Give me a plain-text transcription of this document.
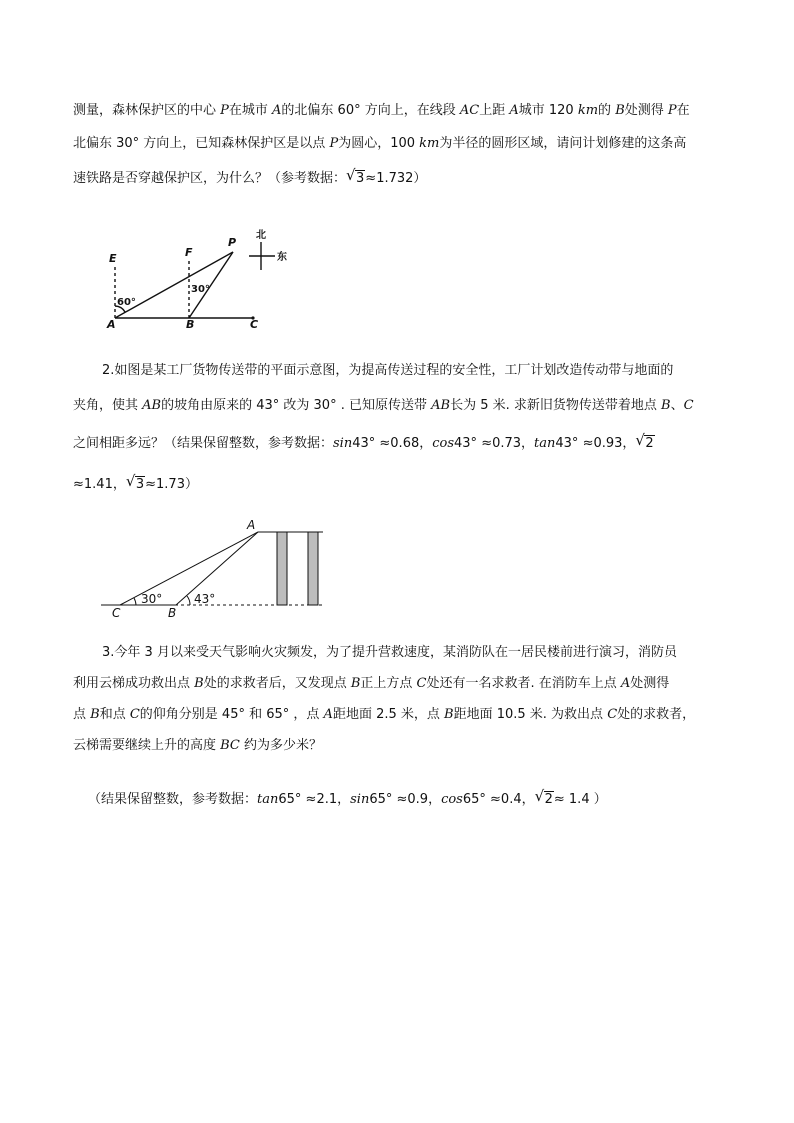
测量，森林保护区的中心 P在城市 A的北偏东 60° 方向上，在线段 AC上距 A城市 120 km的 B处测得 P在
北偏东 30° 方向上，已知森林保护区是以点 P为圆心，100 km为半径的圆形区域，请问计划修建的这条高
速铁路是否穿越保护区，为什么？（参考数据： √ 3≈1.732）
E	F
P
A	B	C
60°
30°
北
东
2.如图是某工厂货物传送带的平面示意图，为提高传送过程的安全性，工厂计划改造传动带与地面的
夹角，使其 AB的坡角由原来的 43° 改为 30° . 已知原传送带 AB长为 5 米. 求新旧货物传送带着地点 B、C
之间相距多远？（结果保留整数，参考数据：sin43° ≈0.68，cos43° ≈0.73，tan43° ≈0.93， √ 2
≈1.41， √ 3≈1.73）
A
C	B
30°	43°
3.今年 3 月以来受天气影响火灾频发，为了提升营救速度，某消防队在一居民楼前进行演习，消防员
利用云梯成功救出点 B处的求救者后，又发现点 B正上方点 C处还有一名求救者. 在消防车上点 A处测得
点 B和点 C的仰角分别是 45° 和 65° ，点 A距地面 2.5 米，点 B距地面 10.5 米. 为救出点 C处的求救者，
云梯需要继续上升的高度 BC 约为多少米？
（结果保留整数，参考数据：tan65° ≈2.1，sin65° ≈0.9，cos65° ≈0.4， √ 2≈ 1.4 ）
